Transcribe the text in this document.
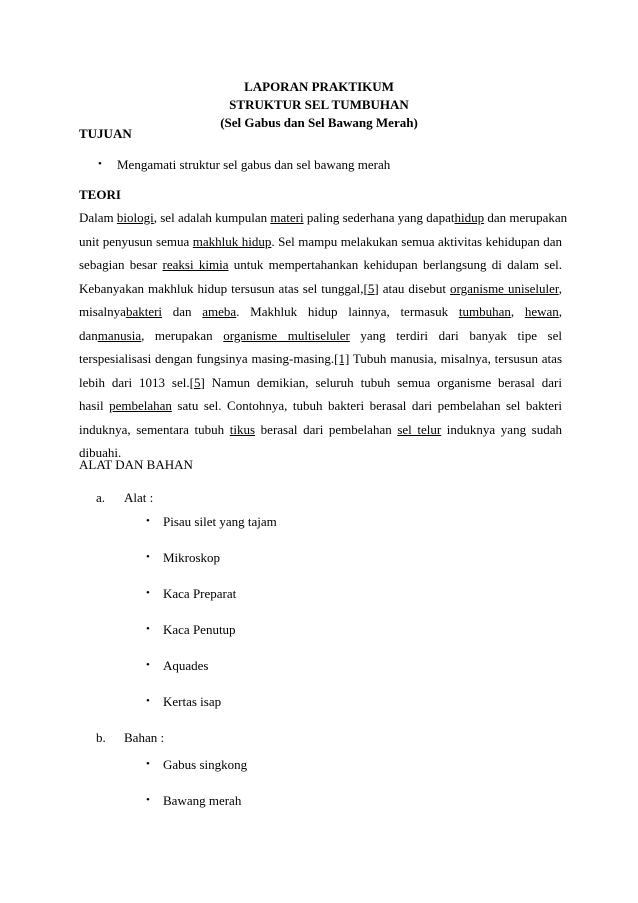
LAPORAN PRAKTIKUM
STRUKTUR SEL TUMBUHAN
(Sel Gabus dan Sel Bawang Merah)
TUJUAN
• Mengamati struktur sel gabus dan sel bawang merah
TEORI
Dalam biologi, sel adalah kumpulan materi paling sederhana yang dapathidup dan merupakan
unit penyusun semua makhluk hidup. Sel mampu melakukan semua aktivitas kehidupan dan
sebagian besar reaksi kimia untuk mempertahankan kehidupan berlangsung di dalam sel.
Kebanyakan makhluk hidup tersusun atas sel tunggal,[5] atau disebut organisme uniseluler,
misalnyabakteri dan ameba. Makhluk hidup lainnya, termasuk tumbuhan, hewan,
danmanusia, merupakan organisme multiseluler yang terdiri dari banyak tipe sel
terspesialisasi dengan fungsinya masing-masing.[1] Tubuh manusia, misalnya, tersusun atas
lebih dari 1013 sel.[5] Namun demikian, seluruh tubuh semua organisme berasal dari
hasil pembelahan satu sel. Contohnya, tubuh bakteri berasal dari pembelahan sel bakteri
induknya, sementara tubuh tikus berasal dari pembelahan sel telur induknya yang sudah
dibuahi.
ALAT DAN BAHAN
a. Alat :
• Pisau silet yang tajam
• Mikroskop
• Kaca Preparat
• Kaca Penutup
• Aquades
• Kertas isap
b. Bahan :
• Gabus singkong
• Bawang merah
